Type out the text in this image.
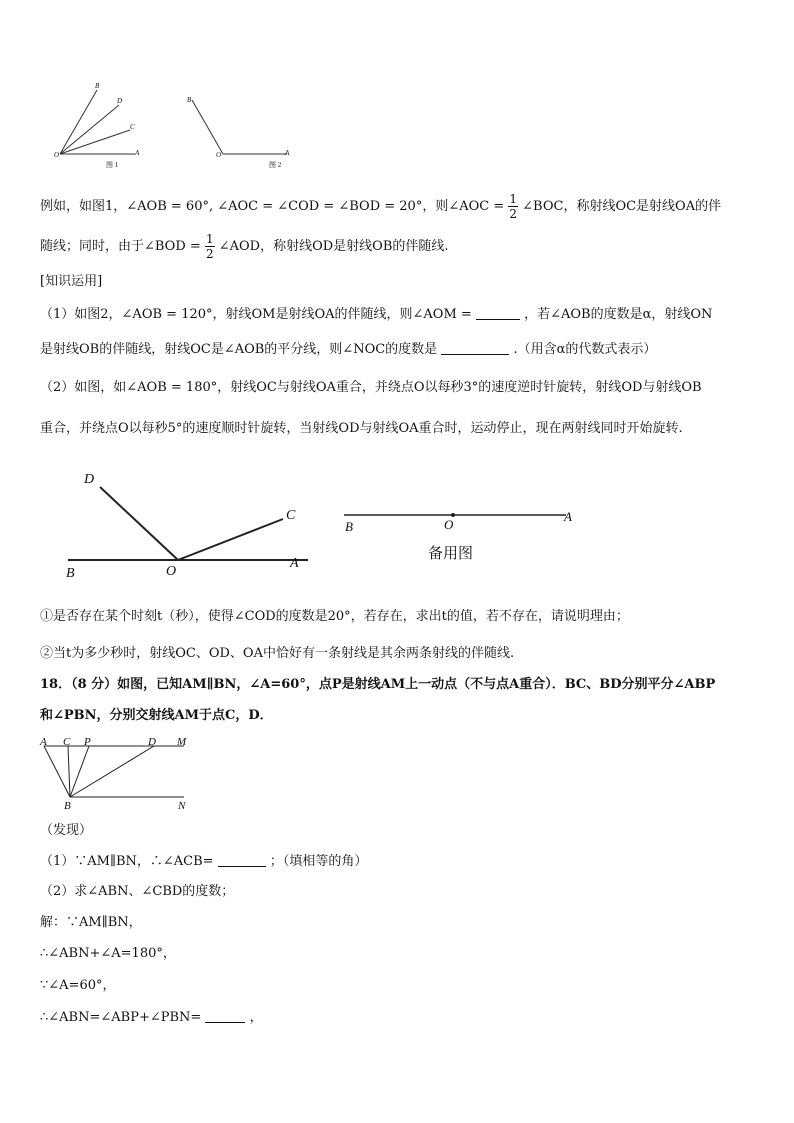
B
D
C
O	A
图 1
B
O	A
图 2
例如，如图1，∠AOB = 60°, ∠AOC = ∠COD = ∠BOD = 20°，则∠AOC = $\frac{1}{2}$ ∠BOC，称射线OC是射线OA的伴
随线；同时，由于∠BOD = $\frac{1}{2}$ ∠AOD，称射线OD是射线OB的伴随线.
[知识运用]
（1）如图2，∠AOB = 120°，射线OM是射线OA的伴随线，则∠AOM =	，若∠AOB的度数是α，射线ON
是射线OB的伴随线，射线OC是∠AOB的平分线，则∠NOC的度数是	.（用含α的代数式表示）
（2）如图，如∠AOB = 180°，射线OC与射线OA重合，并绕点O以每秒3°的速度逆时针旋转，射线OD与射线OB
重合，并绕点O以每秒5°的速度顺时针旋转，当射线OD与射线OA重合时，运动停止，现在两射线同时开始旋转.
D
C
B	O
A
B	O
A
备用图
①是否存在某个时刻t（秒），使得∠COD的度数是20°，若存在，求出t的值，若不存在，请说明理由；
②当t为多少秒时，射线OC、OD、OA中恰好有一条射线是其余两条射线的伴随线.
18．（8 分）如图，已知AM∥BN，∠A=60°，点P是射线AM上一动点（不与点A重合）．BC、BD分别平分∠ABP
和∠PBN，分别交射线AM于点C，D．
A C P	D M
B	N
（发现）
（1）∵AM∥BN，∴∠ACB=	；（填相等的角）
（2）求∠ABN、∠CBD的度数；
解：∵AM∥BN，
∴∠ABN+∠A=180°，
∵∠A=60°，
∴∠ABN=∠ABP+∠PBN=	，
